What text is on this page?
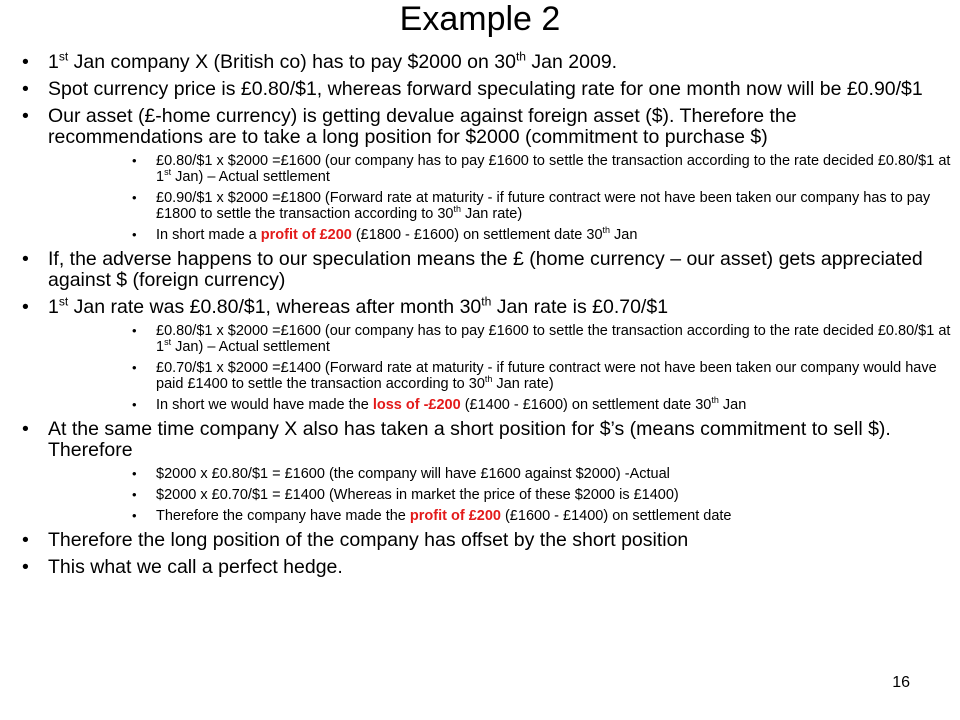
Example 2
• 1st Jan company X (British co) has to pay $2000 on 30th Jan 2009.
• Spot currency price is £0.80/$1, whereas forward speculating rate for one month now will be £0.90/$1
• Our asset (£-home currency) is getting devalue against foreign asset ($). Therefore the recommendations are to take a long position for $2000 (commitment to purchase $)
• £0.80/$1 x $2000 =£1600 (our company has to pay £1600 to settle the transaction according to the rate decided £0.80/$1 at 1st Jan) – Actual settlement
• £0.90/$1 x $2000 =£1800 (Forward rate at maturity - if future contract were not have been taken our company has to pay £1800 to settle the transaction according to 30th Jan rate)
• In short made a profit of £200 (£1800 - £1600) on settlement date 30th Jan
• If, the adverse happens to our speculation means the £ (home currency – our asset) gets appreciated against $ (foreign currency)
• 1st Jan rate was £0.80/$1, whereas after month 30th Jan rate is £0.70/$1
• £0.80/$1 x $2000 =£1600 (our company has to pay £1600 to settle the transaction according to the rate decided £0.80/$1 at 1st Jan) – Actual settlement
• £0.70/$1 x $2000 =£1400 (Forward rate at maturity - if future contract were not have been taken our company would have paid £1400 to settle the transaction according to 30th Jan rate)
• In short we would have made the loss of -£200 (£1400 - £1600) on settlement date 30th Jan
• At the same time company X also has taken a short position for $’s (means commitment to sell $). Therefore
• $2000 x £0.80/$1 = £1600 (the company will have £1600 against $2000) -Actual
• $2000 x £0.70/$1 = £1400 (Whereas in market the price of these $2000 is £1400)
• Therefore the company have made the profit of £200 (£1600 - £1400) on settlement date
• Therefore the long position of the company has offset by the short position
• This what we call a perfect hedge.
16
